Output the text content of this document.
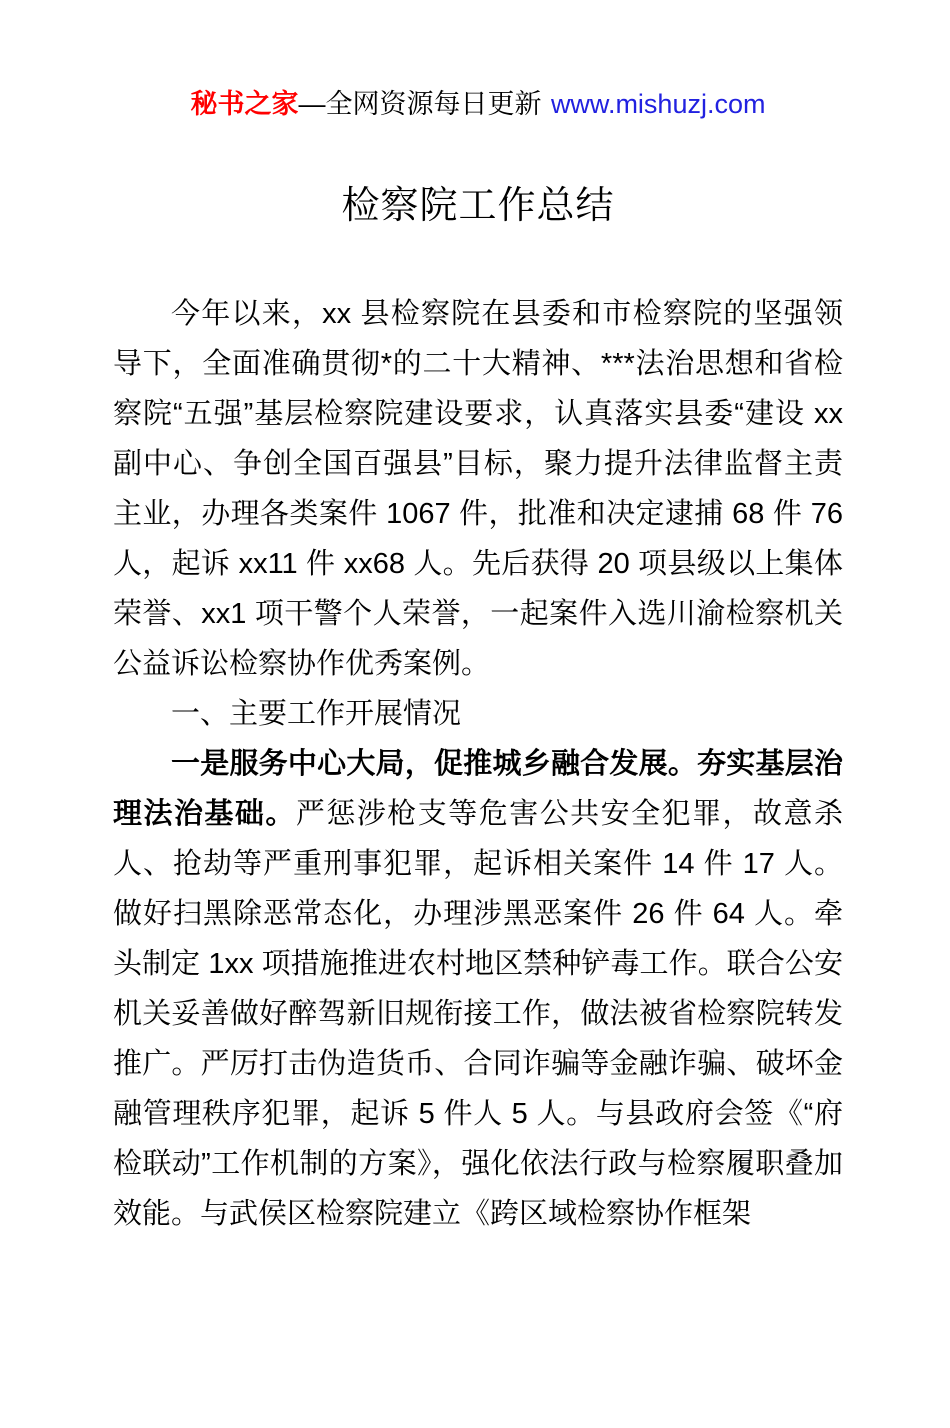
秘书之家—全网资源每日更新 www.mishuzj.com
检察院工作总结

今年以来，xx 县检察院在县委和市检察院的坚强领导下，全面准确贯彻*的二十大精神、***法治思想和省检察院“五强”基层检察院建设要求，认真落实县委“建设 xx 副中心、争创全国百强县”目标，聚力提升法律监督主责主业，办理各类案件 1067 件，批准和决定逮捕 68 件 76 人，起诉 xx11 件 xx68 人。先后获得 20 项县级以上集体荣誉、xx1 项干警个人荣誉，一起案件入选川渝检察机关公益诉讼检察协作优秀案例。

一、主要工作开展情况

一是服务中心大局，促推城乡融合发展。夯实基层治理法治基础。严惩涉枪支等危害公共安全犯罪，故意杀人、抢劫等严重刑事犯罪，起诉相关案件 14 件 17 人。做好扫黑除恶常态化，办理涉黑恶案件 26 件 64 人。牵头制定 1xx 项措施推进农村地区禁种铲毒工作。联合公安机关妥善做好醉驾新旧规衔接工作，做法被省检察院转发推广。严厉打击伪造货币、合同诈骗等金融诈骗、破坏金融管理秩序犯罪，起诉 5 件人 5 人。与县政府会签《“府检联动”工作机制的方案》，强化依法行政与检察履职叠加效能。与武侯区检察院建立《跨区域检察协作框架
